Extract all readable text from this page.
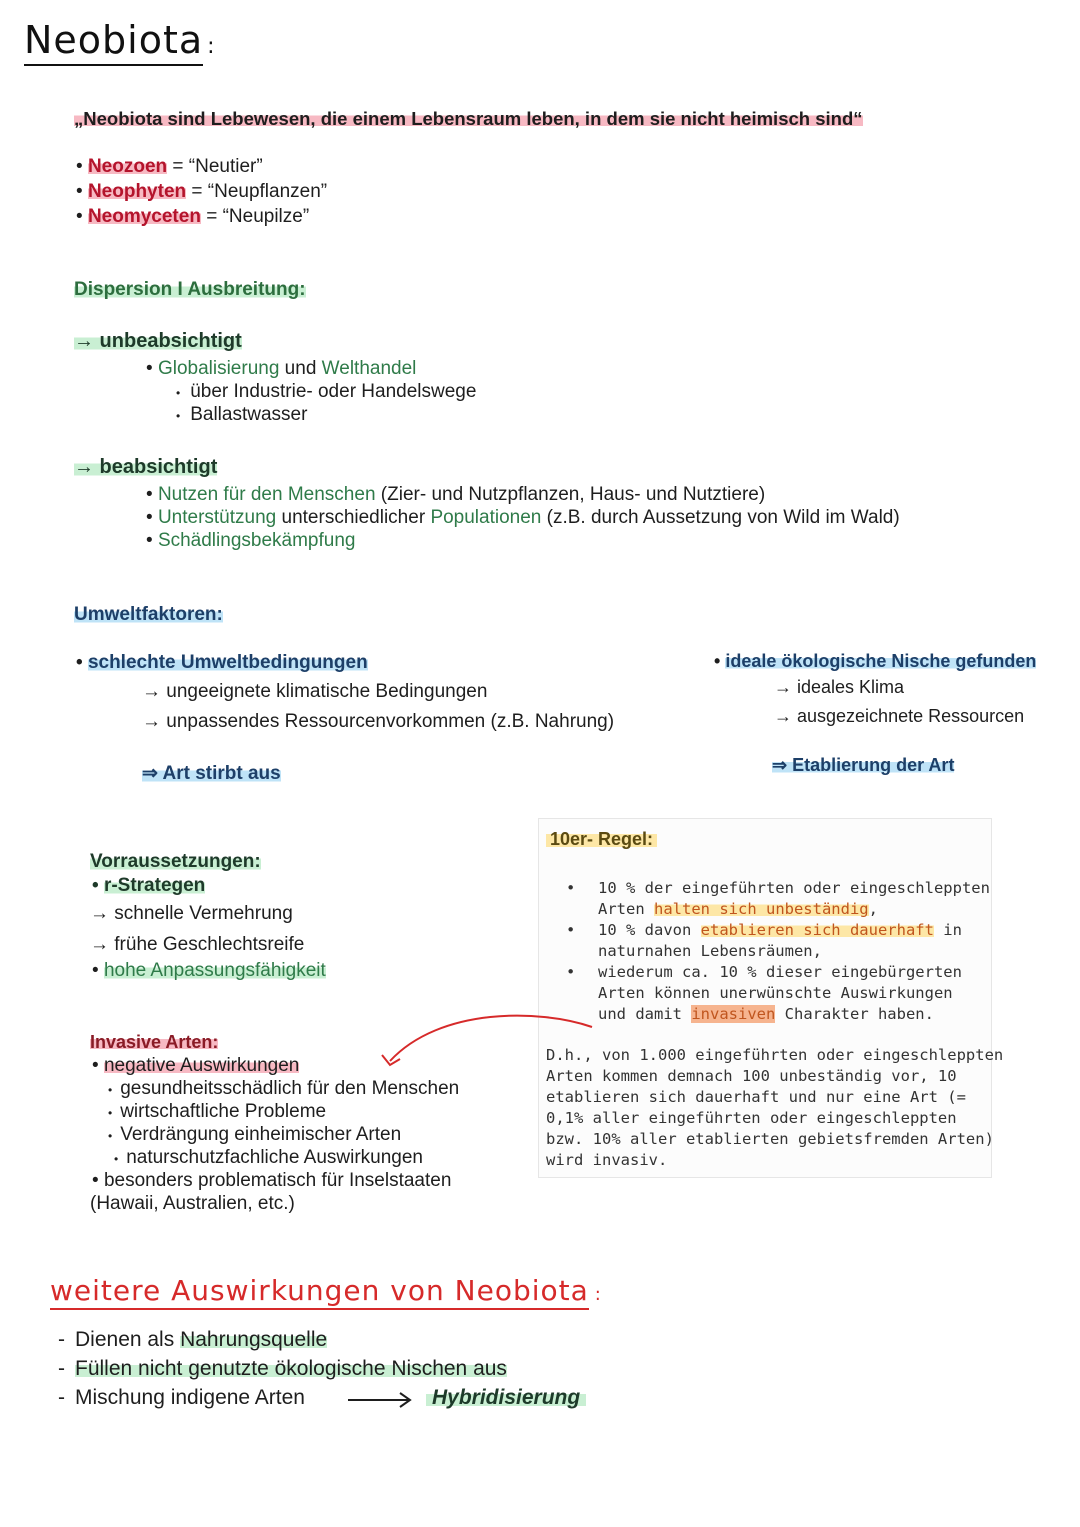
Neobiota :
„Neobiota sind Lebewesen, die einem Lebensraum leben, in dem sie nicht heimisch sind“
• Neozoen = “Neutier”
• Neophyten = “Neupflanzen”
• Neomyceten = “Neupilze”
Dispersion I Ausbreitung:
→ unbeabsichtigt
• Globalisierung und Welthandel
• über Industrie- oder Handelswege
• Ballastwasser
→ beabsichtigt
• Nutzen für den Menschen (Zier- und Nutzpflanzen, Haus- und Nutztiere)
• Unterstützung unterschiedlicher Populationen (z.B. durch Aussetzung von Wild im Wald)
• Schädlingsbekämpfung
Umweltfaktoren:
• schlechte Umweltbedingungen
→ ungeeignete klimatische Bedingungen
→ unpassendes Ressourcenvorkommen (z.B. Nahrung)
⇒ Art stirbt aus
• ideale ökologische Nische gefunden
→ ideales Klima
→ ausgezeichnete Ressourcen
⇒ Etablierung der Art
Vorraussetzungen:
• r-Strategen
→ schnelle Vermehrung
→ frühe Geschlechtsreife
• hohe Anpassungsfähigkeit
10er- Regel:
•
•
•
10 % der eingeführten oder eingeschleppten
Arten halten sich unbeständig,
10 % davon etablieren sich dauerhaft in
naturnahen Lebensräumen,
wiederum ca. 10 % dieser eingebürgerten
Arten können unerwünschte Auswirkungen
und damit invasiven Charakter haben.
D.h., von 1.000 eingeführten oder eingeschleppten
Arten kommen demnach 100 unbeständig vor, 10
etablieren sich dauerhaft und nur eine Art (=
0,1% aller eingeführten oder eingeschleppten
bzw. 10% aller etablierten gebietsfremden Arten)
wird invasiv.
Invasive Arten:
• negative Auswirkungen
• gesundheitsschädlich für den Menschen
• wirtschaftliche Probleme
• Verdrängung einheimischer Arten
• naturschutzfachliche Auswirkungen
• besonders problematisch für Inselstaaten
(Hawaii, Australien, etc.)
weitere Auswirkungen von Neobiota :
- Dienen als Nahrungsquelle
- Füllen nicht genutzte ökologische Nischen aus
- Mischung indigene Arten	Hybridisierung
